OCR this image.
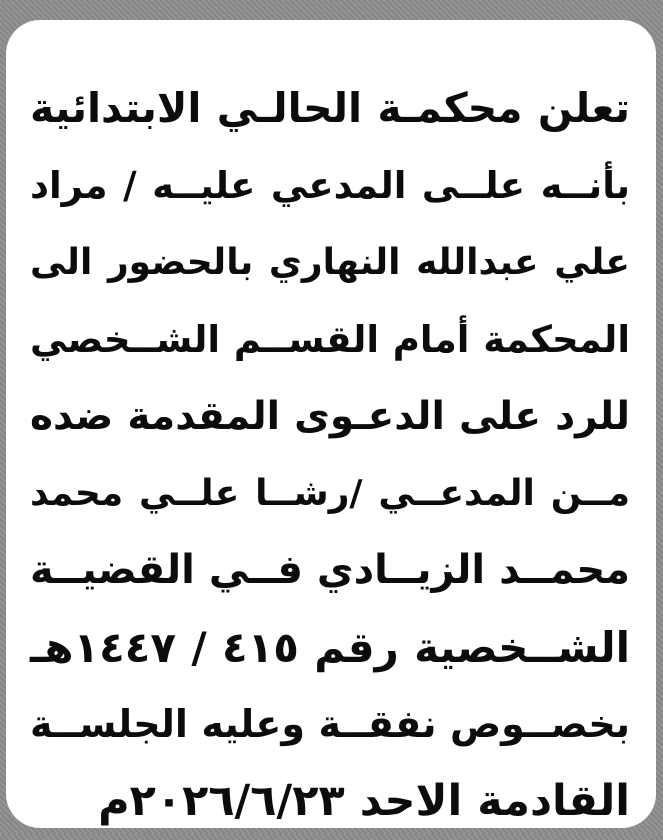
تعلن محكمـة الحالـي الابتدائية
بأنــه علــى المدعي عليــه / مراد
علي عبدالله النهاري بالحضور الى
المحكمة أمام القســم الشــخصي
للرد على الدعـوى المقدمة ضده
مــن المدعــي /رشــا علــي محمد
محمــد الزيــادي فــي القضيــة
الشــخصية رقم ٤١٥ / ١٤٤٧هـ
بخصــوص نفقــة وعليه الجلســة
القادمة الاحد ٢٠٢٦/٦/٢٣م
